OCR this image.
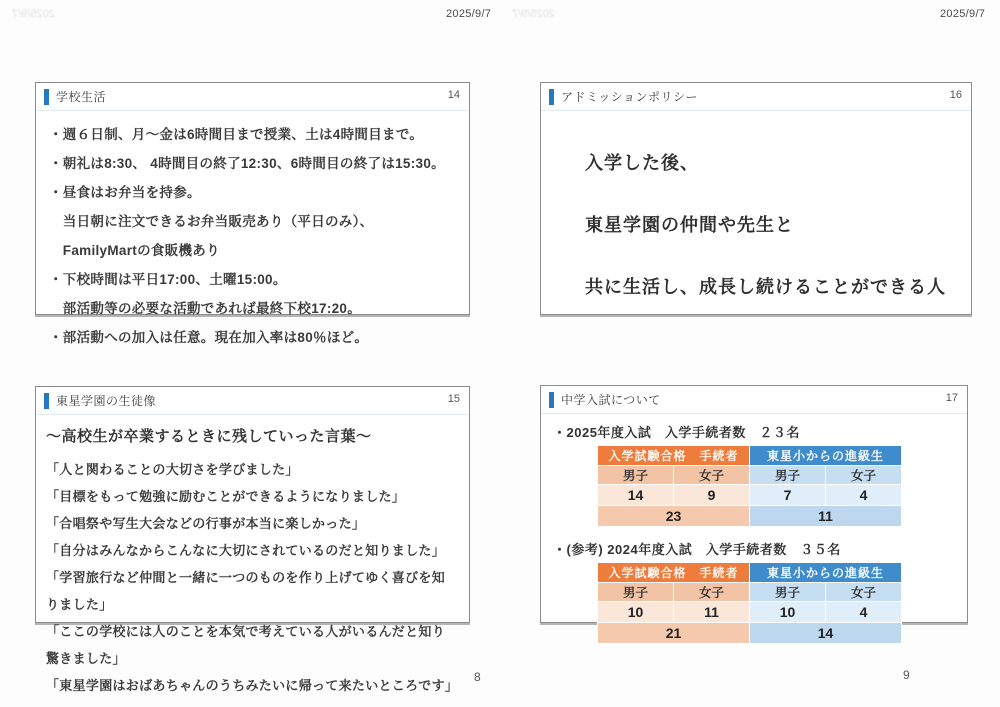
2025/9/7	2025/9/7
2025/9/7	2025/9/7
学校生活	14
・週６日制、月～金は6時間目まで授業、土は4時間目まで。
・朝礼は8:30、 4時間目の終了12:30、6時間目の終了は15:30。
・昼食はお弁当を持参。
　当日朝に注文できるお弁当販売あり（平日のみ）、
　FamilyMartの食販機あり
・下校時間は平日17:00、土曜15:00。
　部活動等の必要な活動であれば最終下校17:20。
・部活動への加入は任意。現在加入率は80％ほど。
アドミッションポリシー	16
入学した後、
東星学園の仲間や先生と
共に生活し、成長し続けることができる人
東星学園の生徒像	15
～高校生が卒業するときに残していった言葉～
「人と関わることの大切さを学びました」
「目標をもって勉強に励むことができるようになりました」
「合唱祭や写生大会などの行事が本当に楽しかった」
「自分はみんなからこんなに大切にされているのだと知りました」
「学習旅行など仲間と一緒に一つのものを作り上げてゆく喜びを知りました」
「ここの学校には人のことを本気で考えている人がいるんだと知り驚きました」
「東星学園はおばあちゃんのうちみたいに帰って来たいところです」
中学入試について	17
・2025年度入試　入学手続者数　２３名
入学試験合格　手続者		東星小からの進級生	
男子	女子	男子	女子
14	9	7	4
23		11	
・(参考) 2024年度入試　入学手続者数　３５名
入学試験合格　手続者		東星小からの進級生	
男子	女子	男子	女子
10	11	10	4
21		14	
8	9
